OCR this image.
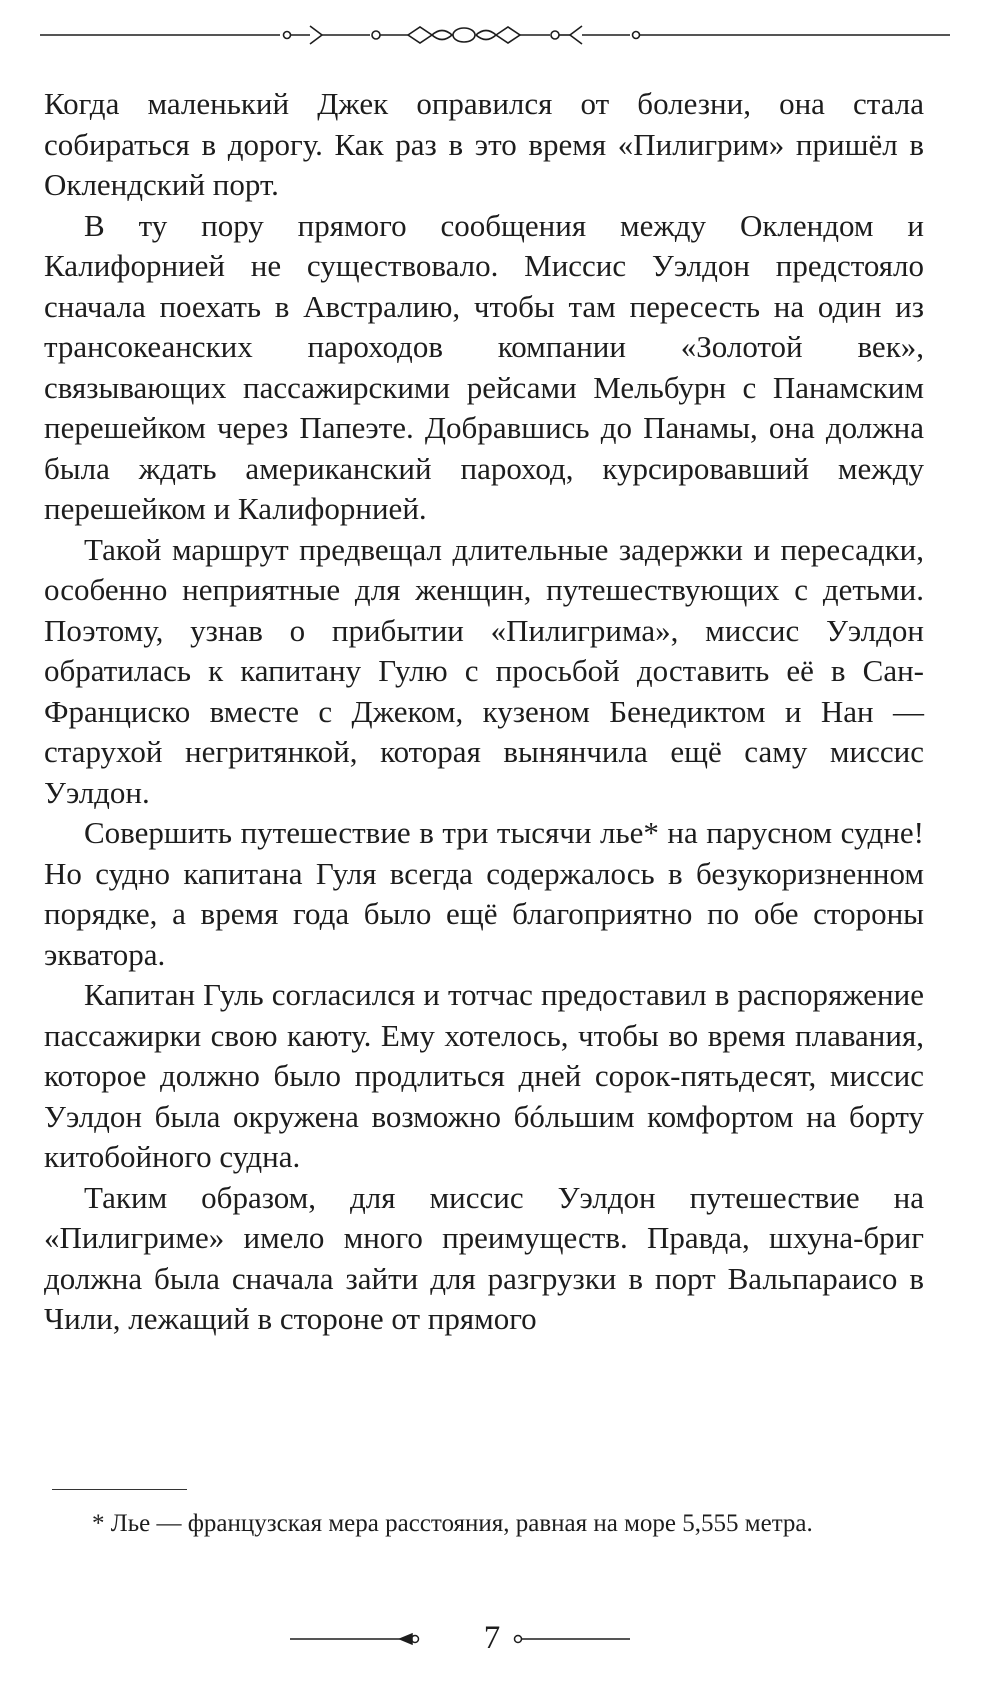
Когда маленький Джек оправился от болезни, она стала собираться в дорогу. Как раз в это время «Пилигрим» пришёл в Оклендский порт.

В ту пору прямого сообщения между Оклендом и Калифорнией не существовало. Миссис Уэлдон предстояло сначала поехать в Австралию, чтобы там пересесть на один из трансокеанских пароходов компании «Золотой век», связывающих пассажирскими рейсами Мельбурн с Панамским перешейком через Папеэте. Добравшись до Панамы, она должна была ждать американский пароход, курсировавший между перешейком и Калифорнией.

Такой маршрут предвещал длительные задержки и пересадки, особенно неприятные для женщин, путешествующих с детьми. Поэтому, узнав о прибытии «Пилигрима», миссис Уэлдон обратилась к капитану Гулю с просьбой доставить её в Сан-Франциско вместе с Джеком, кузеном Бенедиктом и Нан — старухой негритянкой, которая вынянчила ещё саму миссис Уэлдон.

Совершить путешествие в три тысячи лье* на парусном судне! Но судно капитана Гуля всегда содержалось в безукоризненном порядке, а время года было ещё благоприятно по обе стороны экватора.

Капитан Гуль согласился и тотчас предоставил в распоряжение пассажирки свою каюту. Ему хотелось, чтобы во время плавания, которое должно было продлиться дней сорок-пятьдесят, миссис Уэлдон была окружена возможно бóльшим комфортом на борту китобойного судна.

Таким образом, для миссис Уэлдон путешествие на «Пилигриме» имело много преимуществ. Правда, шхуна-бриг должна была сначала зайти для разгрузки в порт Вальпараисо в Чили, лежащий в стороне от прямого

* Лье — французская мера расстояния, равная на море 5,555 метра.
7
